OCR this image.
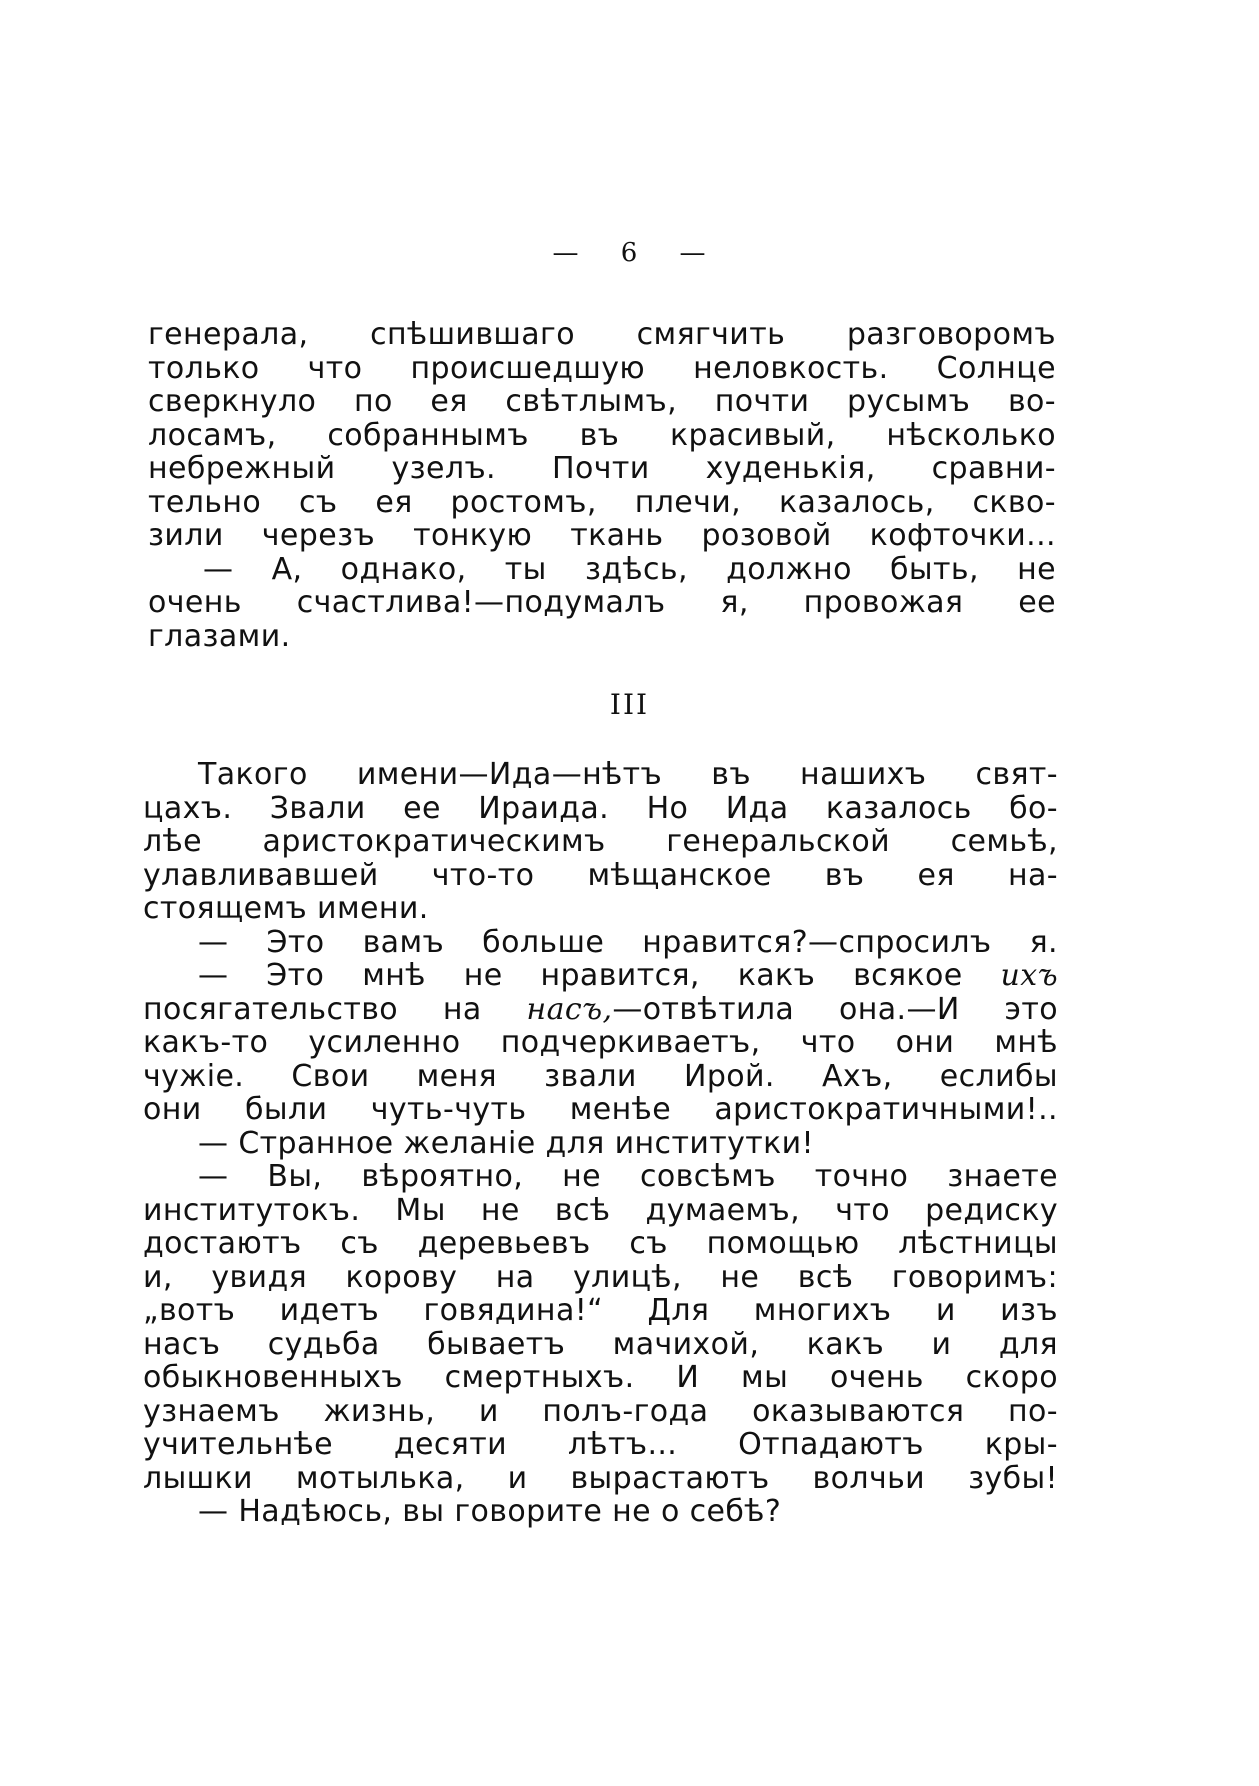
— 6 —
генерала, спѣшившаго смягчить разговоромъ
только что происшедшую неловкость. Солнце
сверкнуло по ея свѣтлымъ, почти русымъ во-
лосамъ, собраннымъ въ красивый, нѣсколько
небрежный узелъ. Почти худенькія, сравни-
тельно съ ея ростомъ, плечи, казалось, скво-
зили черезъ тонкую ткань розовой кофточки...
— А, однако, ты здѣсь, должно быть, не
очень счастлива!—подумалъ я, провожая ее
глазами.
III
Такого имени—Ида—нѣтъ въ нашихъ свят-
цахъ. Звали ее Ираида. Но Ида казалось бо-
лѣе аристократическимъ генеральской семьѣ,
улавливавшей что-то мѣщанское въ ея на-
стоящемъ имени.
— Это вамъ больше нравится?—спросилъ я.
— Это мнѣ не нравится, какъ всякое ихъ
посягательство на насъ,—отвѣтила она.—И это
какъ-то усиленно подчеркиваетъ, что они мнѣ
чужіе. Свои меня звали Ирой. Ахъ, еслибы
они были чуть-чуть менѣе аристократичными!..
— Странное желаніе для институтки!
— Вы, вѣроятно, не совсѣмъ точно знаете
институтокъ. Мы не всѣ думаемъ, что редиску
достаютъ съ деревьевъ съ помощью лѣстницы
и, увидя корову на улицѣ, не всѣ говоримъ:
„вотъ идетъ говядина!“ Для многихъ и изъ
насъ судьба бываетъ мачихой, какъ и для
обыкновенныхъ смертныхъ. И мы очень скоро
узнаемъ жизнь, и полъ-года оказываются по-
учительнѣе десяти лѣтъ... Отпадаютъ кры-
лышки мотылька, и вырастаютъ волчьи зубы!
— Надѣюсь, вы говорите не о себѣ?
